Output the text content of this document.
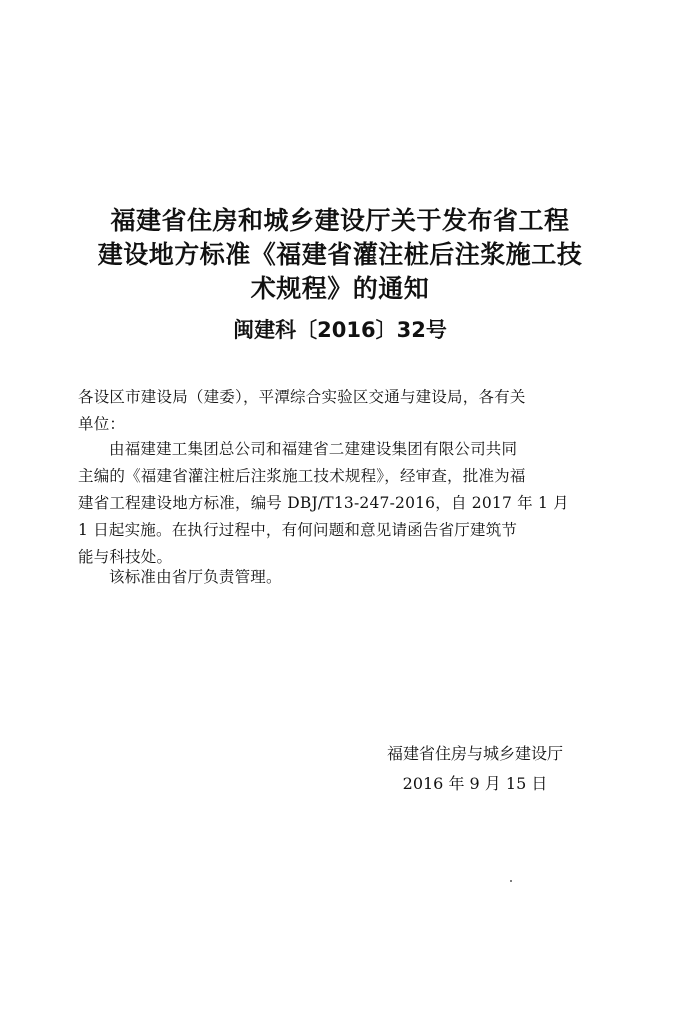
福建省住房和城乡建设厅关于发布省工程
建设地方标准《福建省灌注桩后注浆施工技
术规程》的通知
闽建科〔2016〕32号
各设区市建设局（建委），平潭综合实验区交通与建设局，各有关
单位：
由福建建工集团总公司和福建省二建建设集团有限公司共同
主编的《福建省灌注桩后注浆施工技术规程》，经审查，批准为福
建省工程建设地方标准，编号 DBJ/T13-247-2016，自 2017 年 1 月
1 日起实施。在执行过程中，有何问题和意见请函告省厅建筑节
能与科技处。
该标准由省厅负责管理。
福建省住房与城乡建设厅
2016 年 9 月 15 日
